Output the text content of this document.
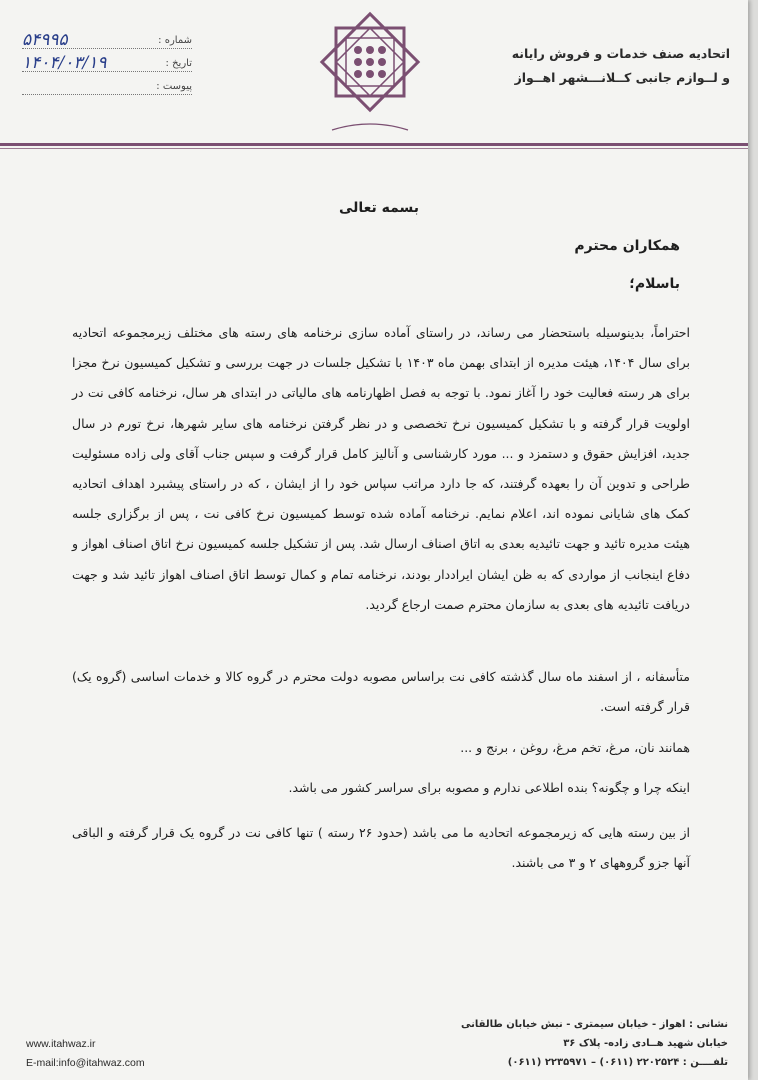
شماره :
۵۴۹۹۵
تاریخ :
۱۴۰۴/۰۳/۱۹
پیوست :
اتحادیه صنف خدمات و فروش رایانه
و لــوازم جانبی کــلانـــشهر اهــواز
بسمه تعالی
همکاران محترم
باسلام؛
احتراماً، بدینوسیله باستحضار می رساند، در راستای آماده سازی نرخنامه های رسته های مختلف زیرمجموعه اتحادیه برای سال ۱۴۰۴، هیئت مدیره از ابتدای بهمن ماه ۱۴۰۳ با تشکیل جلسات در جهت بررسی و تشکیل کمیسیون نرخ مجزا برای هر رسته فعالیت خود را آغاز نمود. با توجه به فصل اظهارنامه های مالیاتی در ابتدای هر سال، نرخنامه کافی نت در اولویت قرار گرفته و با تشکیل کمیسیون نرخ تخصصی و در نظر گرفتن نرخنامه های سایر شهرها، نرخ تورم در سال جدید، افزایش حقوق و دستمزد و ... مورد کارشناسی و آنالیز کامل قرار گرفت و سپس جناب آقای ولی زاده مسئولیت طراحی و تدوین آن را بعهده گرفتند، که جا دارد مراتب سپاس خود را از ایشان ، که در راستای پیشبرد اهداف اتحادیه کمک های شایانی نموده اند، اعلام نمایم. نرخنامه آماده شده توسط کمیسیون نرخ کافی نت ، پس از برگزاری جلسه هیئت مدیره تائید و جهت تائیدیه بعدی به اتاق اصناف ارسال شد. پس از تشکیل جلسه کمیسیون نرخ اتاق اصناف اهواز و دفاع اینجانب از مواردی که به ظن ایشان ایراددار بودند، نرخنامه تمام و کمال توسط اتاق اصناف اهواز تائید شد و جهت دریافت تائیدیه های بعدی به سازمان محترم صمت ارجاع گردید.
متأسفانه ، از اسفند ماه سال گذشته کافی نت براساس مصوبه دولت محترم در گروه کالا و خدمات اساسی (گروه یک) قرار گرفته است.
همانند نان، مرغ، تخم مرغ، روغن ، برنج و ...
اینکه چرا و چگونه؟ بنده اطلاعی ندارم و مصوبه برای سراسر کشور می باشد.
از بین رسته هایی که زیرمجموعه اتحادیه ما می باشد (حدود ۲۶ رسته ) تنها کافی نت در گروه یک قرار گرفته و الباقی آنها جزو گروههای ۲ و ۳ می باشند.
نشانی : اهواز - خیابان سیمتری - نبش خیابان طالقانی
خیابان شهید هــادی زاده- پلاک ۳۶
تلفــــن : ۲۲۰۲۵۲۴ (۰۶۱۱) – ۲۲۳۵۹۷۱ (۰۶۱۱)
www.itahwaz.ir
E-mail:info@itahwaz.com
